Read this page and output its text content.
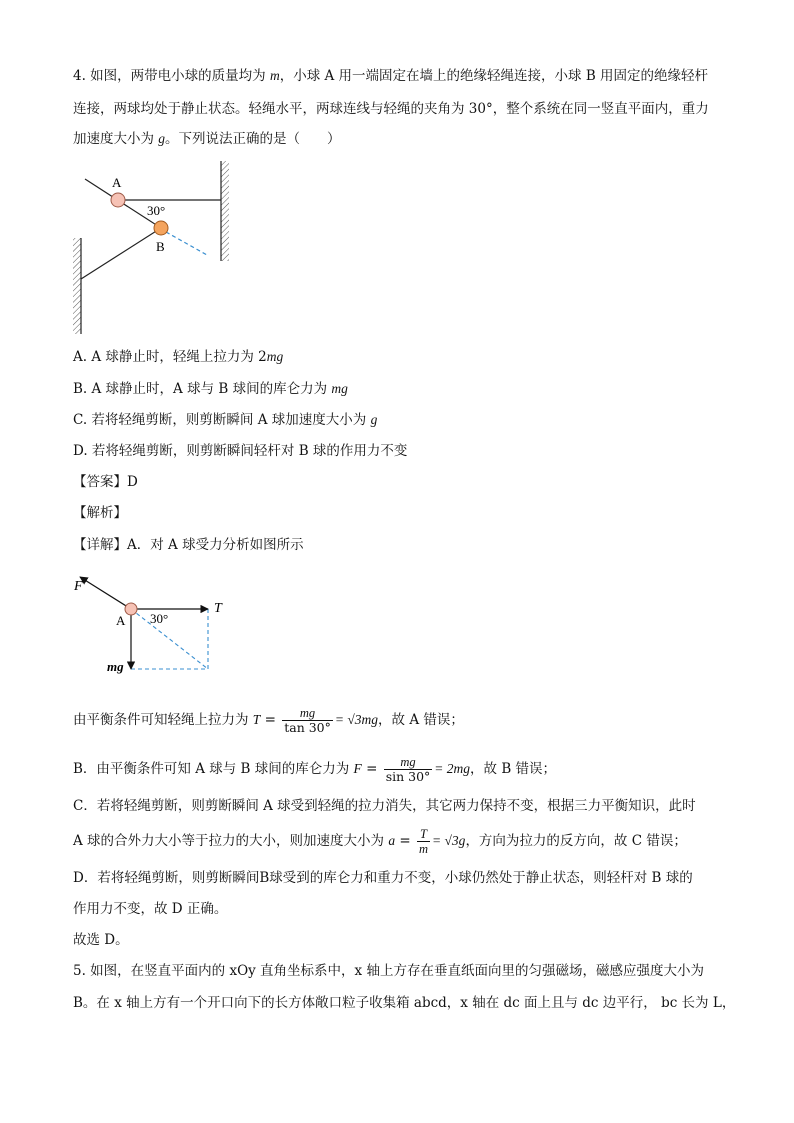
4. 如图，两带电小球的质量均为 m，小球 A 用一端固定在墙上的绝缘轻绳连接，小球 B 用固定的绝缘轻杆
连接，两球均处于静止状态。轻绳水平，两球连线与轻绳的夹角为 30°，整个系统在同一竖直平面内，重力
加速度大小为 g。下列说法正确的是（　　）
A
B
30°
A. A 球静止时，轻绳上拉力为 2mg
B. A 球静止时，A 球与 B 球间的库仑力为 mg
C. 若将轻绳剪断，则剪断瞬间 A 球加速度大小为 g
D. 若将轻绳剪断，则剪断瞬间轻杆对 B 球的作用力不变
【答案】D
【解析】
【详解】A．对 A 球受力分析如图所示
F
T
A
mg
30°
由平衡条件可知轻绳上拉力为 $T = \frac{mg}{\tan 30^\circ} = √3mg$，故 A 错误；
B．由平衡条件可知 A 球与 B 球间的库仑力为 $F = \frac{mg}{\sin 30^\circ} = 2mg$，故 B 错误；
C．若将轻绳剪断，则剪断瞬间 A 球受到轻绳的拉力消失，其它两力保持不变，根据三力平衡知识，此时
A 球的合外力大小等于拉力的大小，则加速度大小为 $a = \frac{T}{m} = √3g$，方向为拉力的反方向，故 C 错误；
D．若将轻绳剪断，则剪断瞬间B球受到的库仑力和重力不变，小球仍然处于静止状态，则轻杆对 B 球的
作用力不变，故 D 正确。
故选 D。
5. 如图，在竖直平面内的 xOy 直角坐标系中，x 轴上方存在垂直纸面向里的匀强磁场，磁感应强度大小为
B。在 x 轴上方有一个开口向下的长方体敞口粒子收集箱 abcd，x 轴在 dc 面上且与 dc 边平行， bc 长为 L，
